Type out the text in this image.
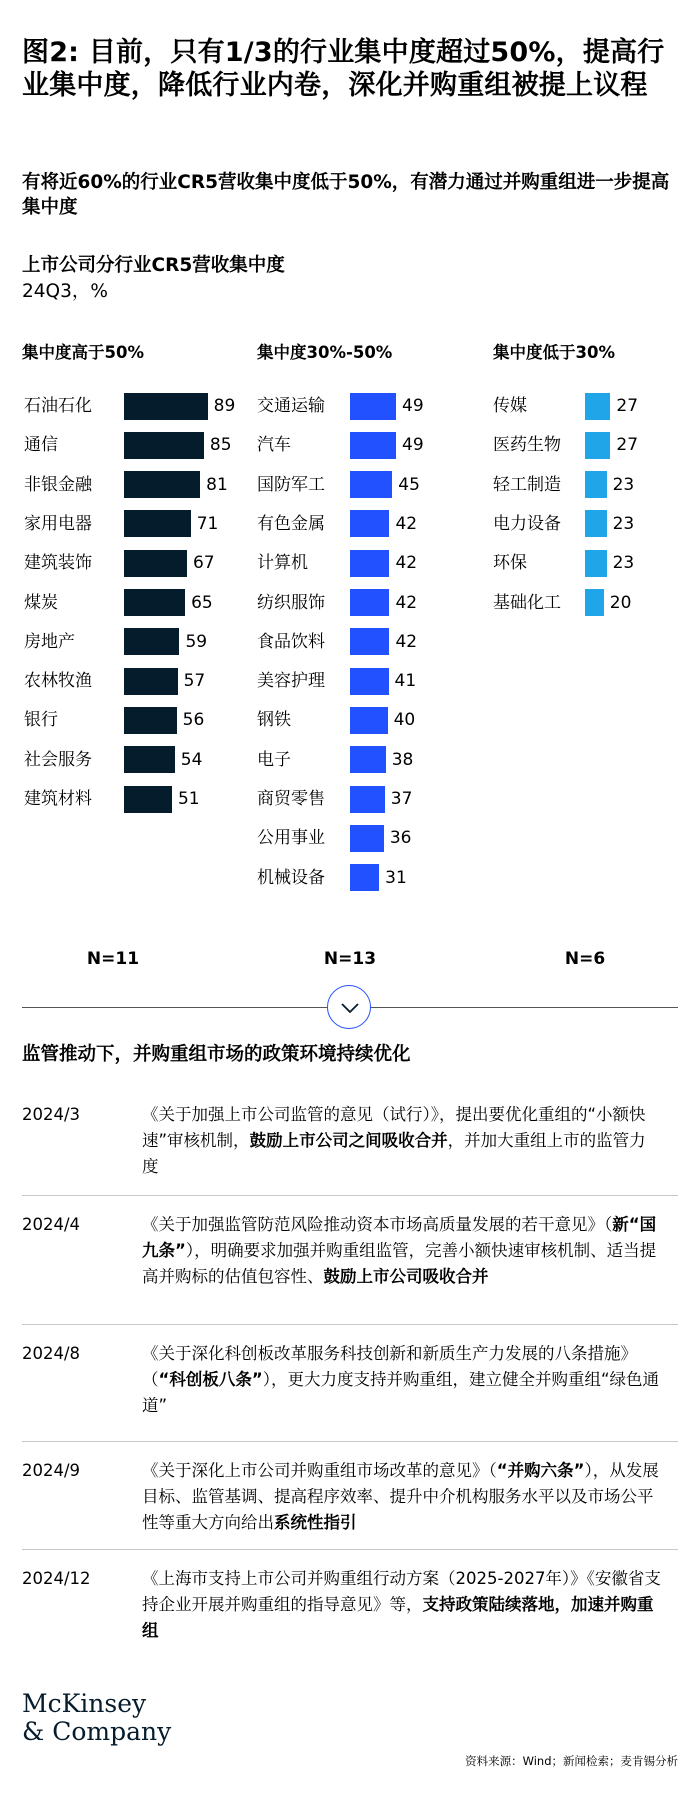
图2: 目前，只有1/3的行业集中度超过50%，提高行业集中度，降低行业内卷，深化并购重组被提上议程
有将近60%的行业CR5营收集中度低于50%，有潜力通过并购重组进一步提高集中度
上市公司分行业CR5营收集中度
24Q3，%
集中度高于50%
石油石化	89
通信	85
非银金融	81
家用电器	71
建筑装饰	67
煤炭	65
房地产	59
农林牧渔	57
银行	56
社会服务	54
建筑材料	51
N=11
集中度30%-50%
交通运输	49
汽车	49
国防军工	45
有色金属	42
计算机	42
纺织服饰	42
食品饮料	42
美容护理	41
钢铁	40
电子	38
商贸零售	37
公用事业	36
机械设备	31
N=13
集中度低于30%
传媒	27
医药生物	27
轻工制造	23
电力设备	23
环保	23
基础化工	20
N=6
监管推动下，并购重组市场的政策环境持续优化
2024/3	《关于加强上市公司监管的意见（试行）》，提出要优化重组的“小额快速”审核机制，鼓励上市公司之间吸收合并，并加大重组上市的监管力度
2024/4	《关于加强监管防范风险推动资本市场高质量发展的若干意见》（新“国九条”），明确要求加强并购重组监管，完善小额快速审核机制、适当提高并购标的估值包容性、鼓励上市公司吸收合并
2024/8	《关于深化科创板改革服务科技创新和新质生产力发展的八条措施》（“科创板八条”），更大力度支持并购重组，建立健全并购重组“绿色通道”
2024/9	《关于深化上市公司并购重组市场改革的意见》（“并购六条”），从发展目标、监管基调、提高程序效率、提升中介机构服务水平以及市场公平性等重大方向给出系统性指引
2024/12	《上海市支持上市公司并购重组行动方案（2025-2027年）》《安徽省支持企业开展并购重组的指导意见》等，支持政策陆续落地，加速并购重组
McKinsey
& Company
资料来源：Wind；新闻检索；麦肯锡分析
